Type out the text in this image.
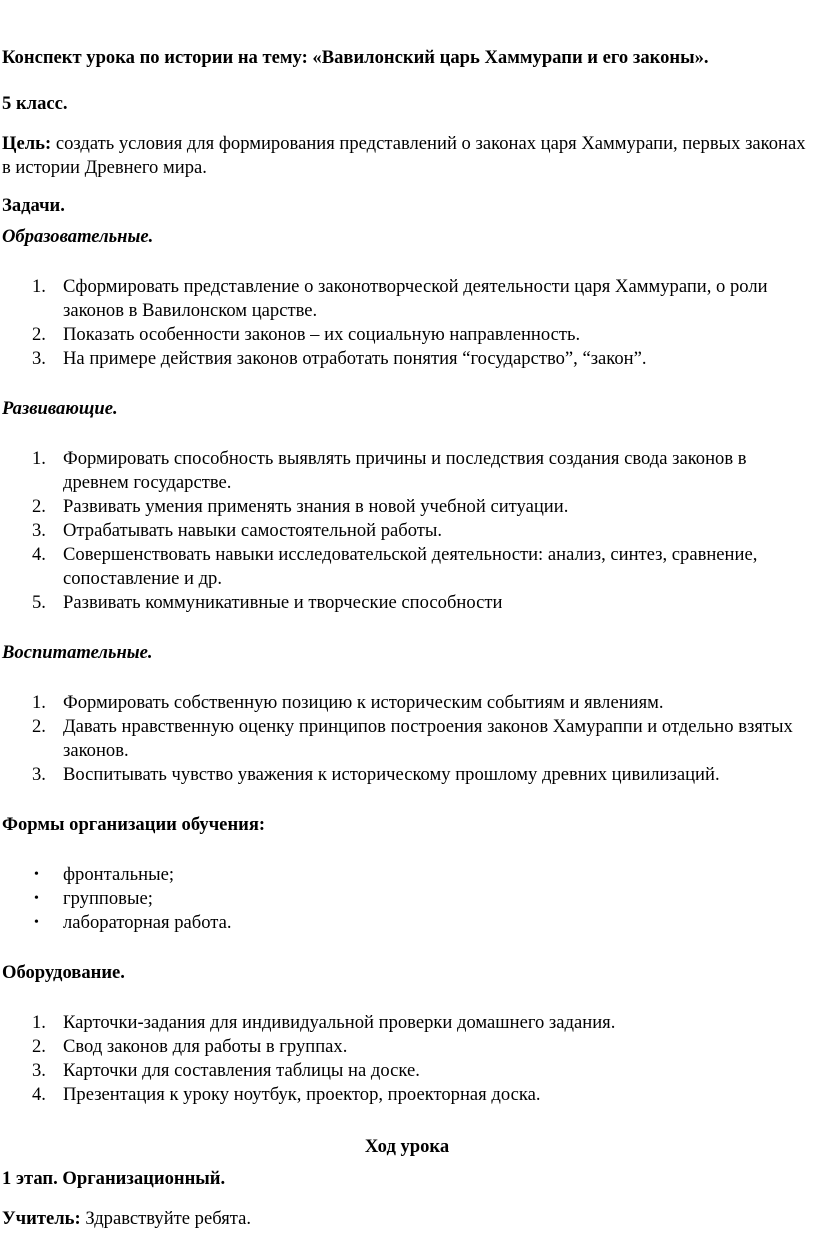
Конспект урока по истории на тему: «Вавилонский царь Хаммурапи и его законы».

5 класс.

Цель: создать условия для формирования представлений о законах царя Хаммурапи, первых законах в истории Древнего мира.

Задачи.

Образовательные.

1. Сформировать представление о законотворческой деятельности царя Хаммурапи, о роли законов в Вавилонском царстве.
2. Показать особенности законов – их социальную направленность.
3. На примере действия законов отработать понятия “государство”, “закон”.

Развивающие.

1. Формировать способность выявлять причины и последствия создания свода законов в древнем государстве.
2. Развивать умения применять знания в новой учебной ситуации.
3. Отрабатывать навыки самостоятельной работы.
4. Совершенствовать навыки исследовательской деятельности: анализ, синтез, сравнение, сопоставление и др.
5. Развивать коммуникативные и творческие способности

Воспитательные.

1. Формировать собственную позицию к историческим событиям и явлениям.
2. Давать нравственную оценку принципов построения законов Хамураппи и отдельно взятых законов.
3. Воспитывать чувство уважения к историческому прошлому древних цивилизаций.

Формы организации обучения:

• фронтальные;
• групповые;
• лабораторная работа.

Оборудование.

1. Карточки-задания для индивидуальной проверки домашнего задания.
2. Свод законов для работы в группах.
3. Карточки для составления таблицы на доске.
4. Презентация к уроку ноутбук, проектор, проекторная доска.

Ход урока

1 этап. Организационный.

Учитель: Здравствуйте ребята.
